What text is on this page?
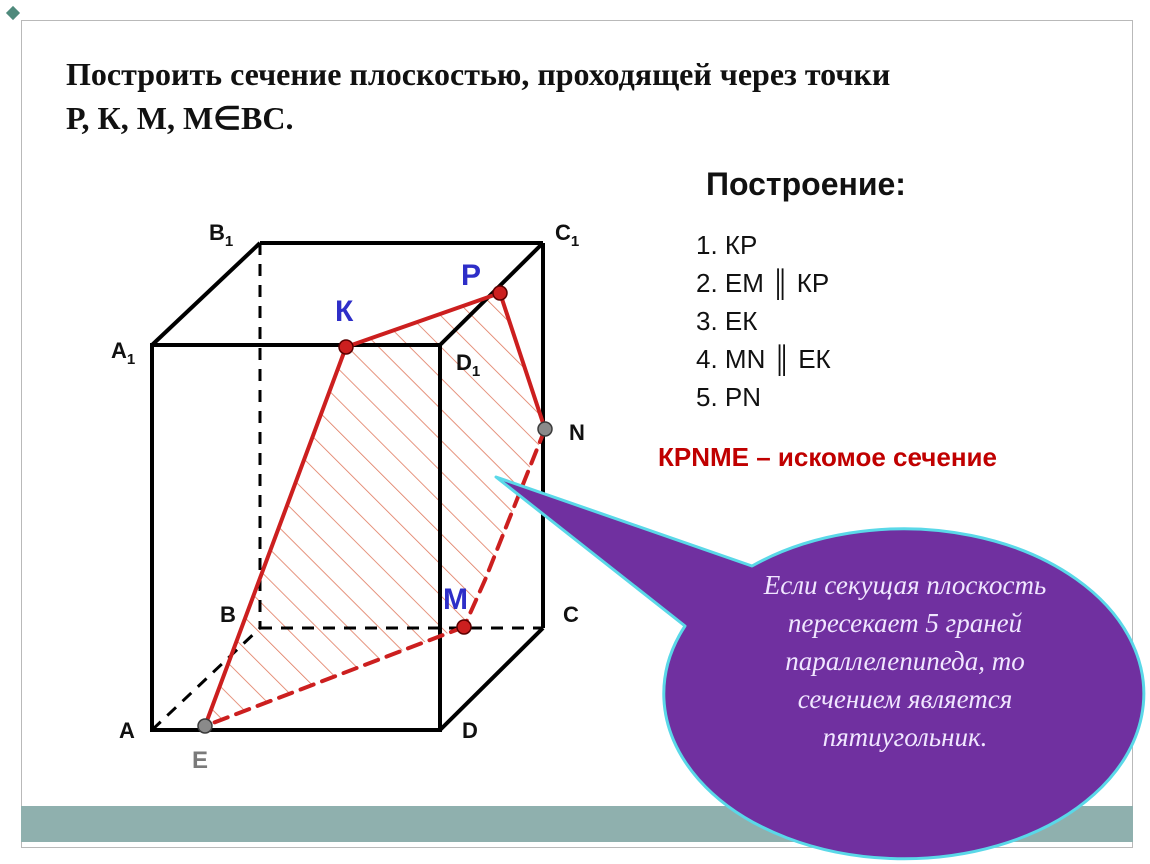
Построить сечение плоскостью, проходящей через точки
Р, К, М, М∈ВС.

$B_1$	$C_1$
$A_1$	$D_1$
A
B	C
D
N
Р
К
М
Е
Построение:
1. КР
2. ЕМ ║ КР
3. ЕК
4. MN ║ ЕК
5. РN
КРNМЕ – искомое сечение
Если секущая плоскость пересекает 5 граней параллелепипеда, то сечением является пятиугольник.
